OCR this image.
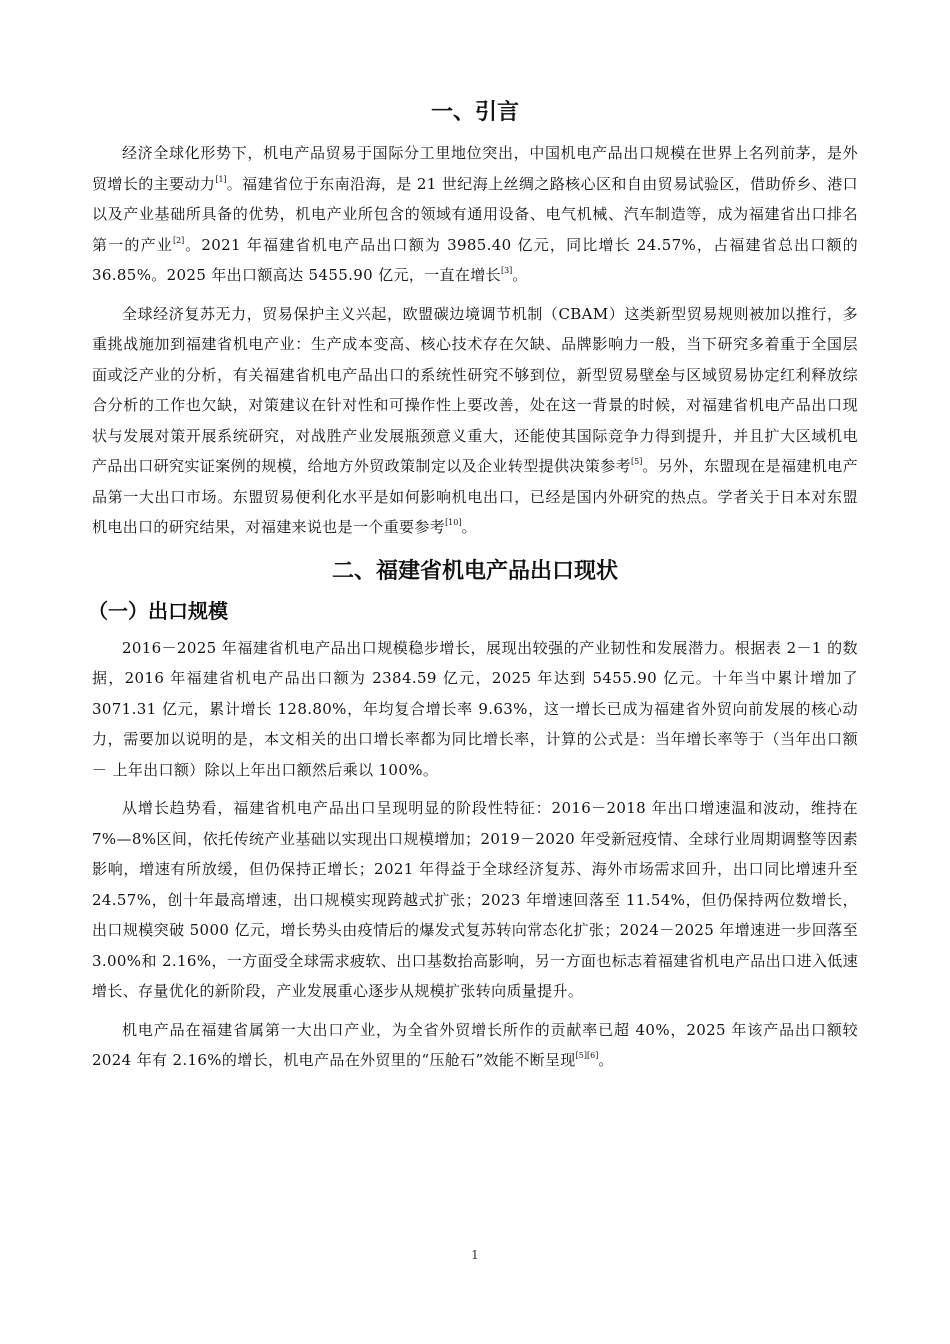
一、引言

经济全球化形势下，机电产品贸易于国际分工里地位突出，中国机电产品出口规模在世界上名列前茅，是外贸增长的主要动力[1]。福建省位于东南沿海，是 21 世纪海上丝绸之路核心区和自由贸易试验区，借助侨乡、港口以及产业基础所具备的优势，机电产业所包含的领域有通用设备、电气机械、汽车制造等，成为福建省出口排名第一的产业[2]。2021 年福建省机电产品出口额为 3985.40 亿元，同比增长 24.57%，占福建省总出口额的 36.85%。2025 年出口额高达 5455.90 亿元，一直在增长[3]。

全球经济复苏无力，贸易保护主义兴起，欧盟碳边境调节机制（CBAM）这类新型贸易规则被加以推行，多重挑战施加到福建省机电产业：生产成本变高、核心技术存在欠缺、品牌影响力一般，当下研究多着重于全国层面或泛产业的分析，有关福建省机电产品出口的系统性研究不够到位，新型贸易壁垒与区域贸易协定红利释放综合分析的工作也欠缺，对策建议在针对性和可操作性上要改善，处在这一背景的时候，对福建省机电产品出口现状与发展对策开展系统研究，对战胜产业发展瓶颈意义重大，还能使其国际竞争力得到提升，并且扩大区域机电产品出口研究实证案例的规模，给地方外贸政策制定以及企业转型提供决策参考[5]。另外，东盟现在是福建机电产品第一大出口市场。东盟贸易便利化水平是如何影响机电出口，已经是国内外研究的热点。学者关于日本对东盟机电出口的研究结果，对福建来说也是一个重要参考[10]。

二、福建省机电产品出口现状
（一）出口规模

2016－2025 年福建省机电产品出口规模稳步增长，展现出较强的产业韧性和发展潜力。根据表 2－1 的数据，2016 年福建省机电产品出口额为 2384.59 亿元，2025 年达到 5455.90 亿元。十年当中累计增加了 3071.31 亿元，累计增长 128.80%，年均复合增长率 9.63%，这一增长已成为福建省外贸向前发展的核心动力，需要加以说明的是，本文相关的出口增长率都为同比增长率，计算的公式是：当年增长率等于（当年出口额 － 上年出口额）除以上年出口额然后乘以 100%。

从增长趋势看，福建省机电产品出口呈现明显的阶段性特征：2016－2018 年出口增速温和波动，维持在 7%—8%区间，依托传统产业基础以实现出口规模增加；2019－2020 年受新冠疫情、全球行业周期调整等因素影响，增速有所放缓，但仍保持正增长；2021 年得益于全球经济复苏、海外市场需求回升，出口同比增速升至 24.57%，创十年最高增速，出口规模实现跨越式扩张；2023 年增速回落至 11.54%，但仍保持两位数增长，出口规模突破 5000 亿元，增长势头由疫情后的爆发式复苏转向常态化扩张；2024－2025 年增速进一步回落至 3.00%和 2.16%，一方面受全球需求疲软、出口基数抬高影响，另一方面也标志着福建省机电产品出口进入低速增长、存量优化的新阶段，产业发展重心逐步从规模扩张转向质量提升。

机电产品在福建省属第一大出口产业，为全省外贸增长所作的贡献率已超 40%，2025 年该产品出口额较 2024 年有 2.16%的增长，机电产品在外贸里的“压舱石”效能不断呈现[5][6]。

1
